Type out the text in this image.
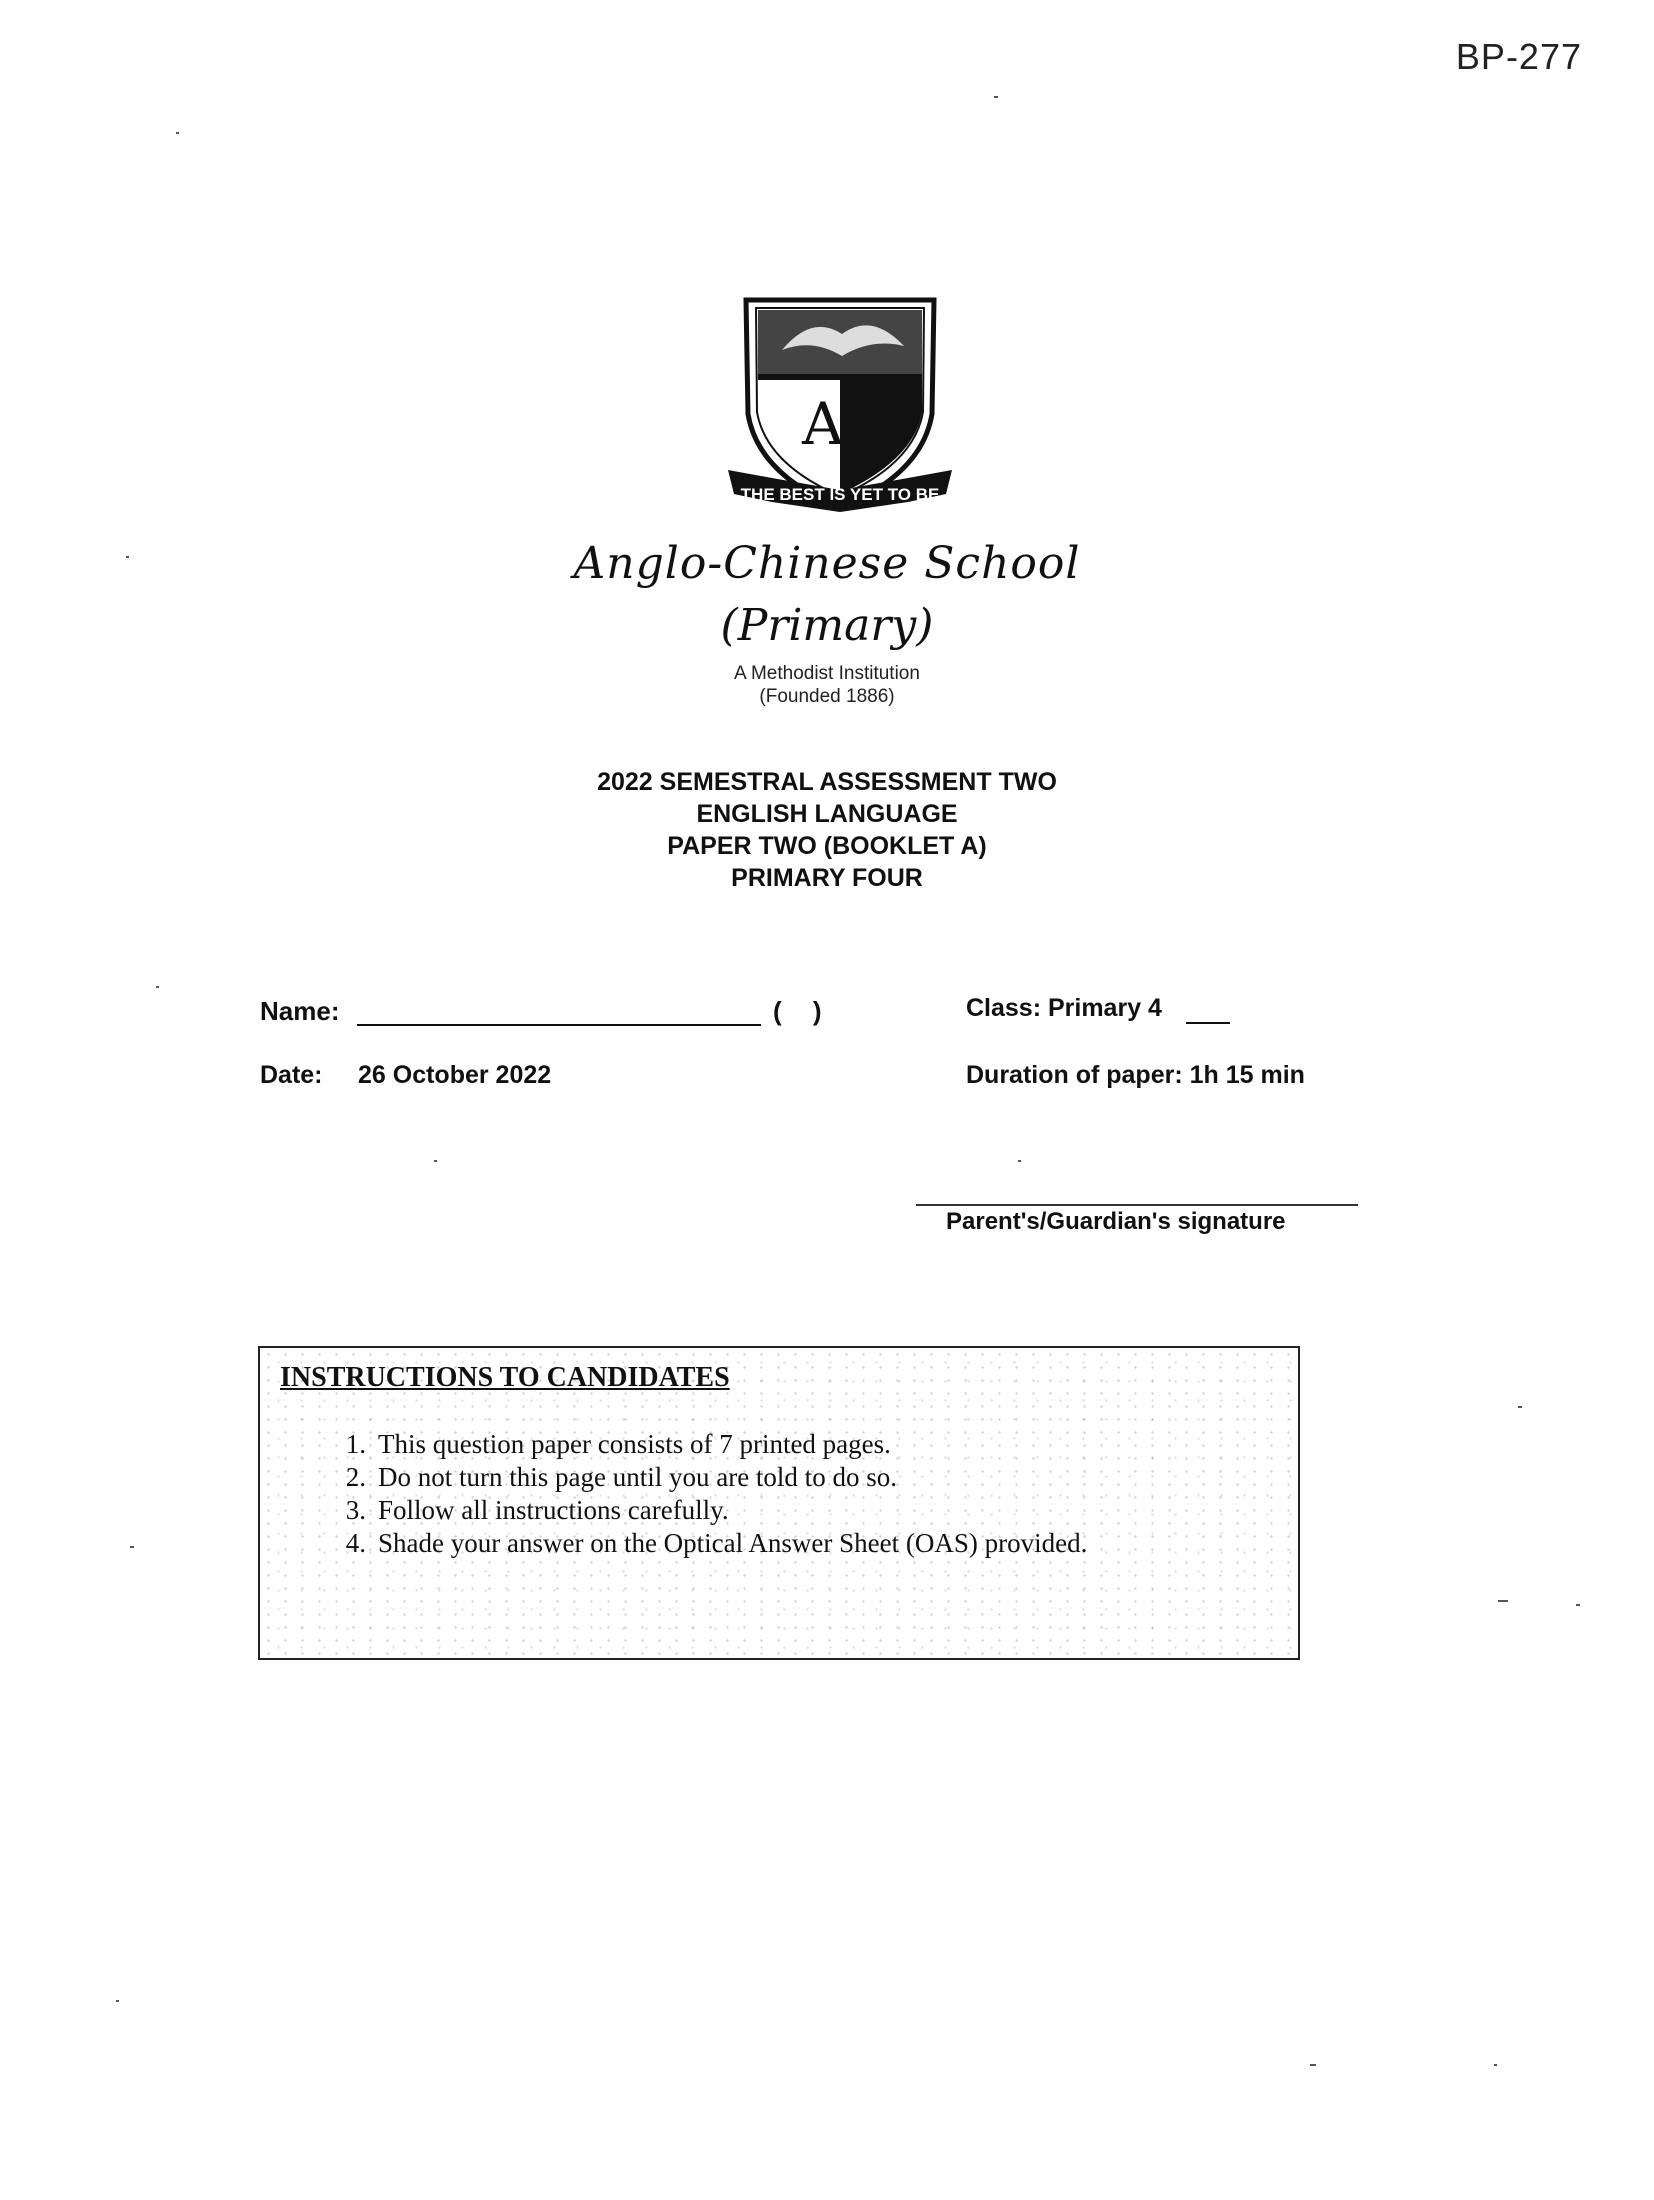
BP-277
AS
THE BEST IS YET TO BE
Anglo-Chinese School
(Primary)
A Methodist Institution
(Founded 1886)
2022 SEMESTRAL ASSESSMENT TWO
ENGLISH LANGUAGE
PAPER TWO (BOOKLET A)
PRIMARY FOUR
Name:	( )	Class: Primary 4
Date: 26 October 2022	Duration of paper: 1h 15 min
Parent's/Guardian's signature
INSTRUCTIONS TO CANDIDATES
1. This question paper consists of 7 printed pages.
2. Do not turn this page until you are told to do so.
3. Follow all instructions carefully.
4. Shade your answer on the Optical Answer Sheet (OAS) provided.
